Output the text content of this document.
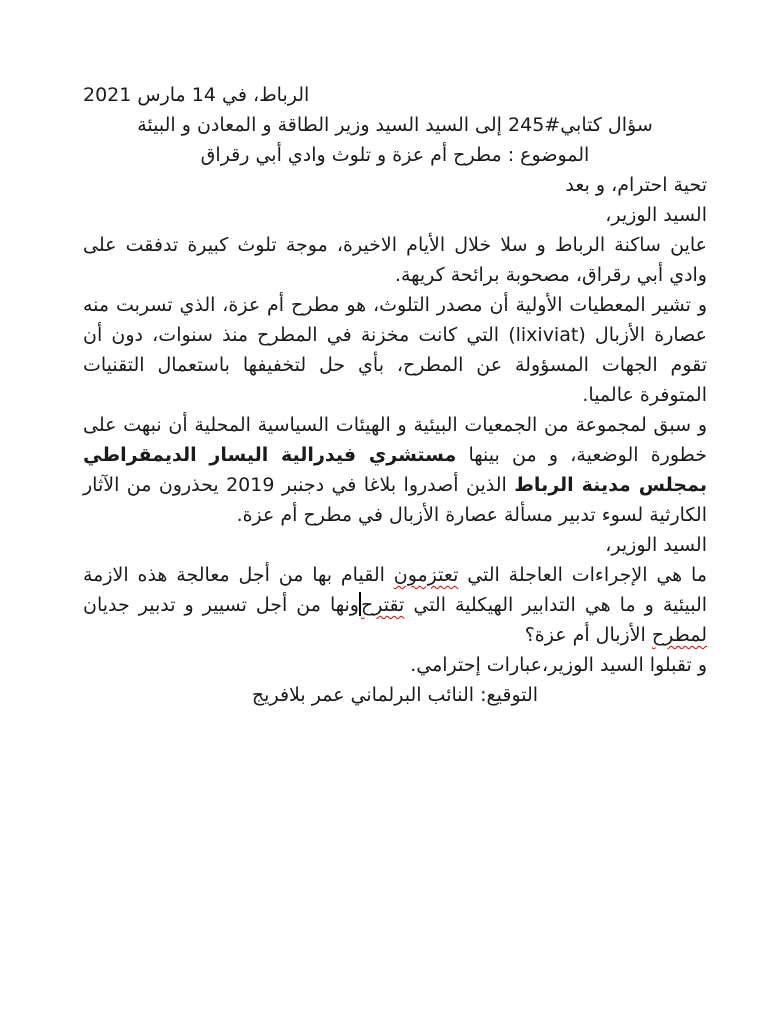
الرباط، في 14 مارس 2021

سؤال كتابي#245 إلى السيد السيد وزير الطاقة و المعادن و البيئة
الموضوع : مطرح أم عزة و تلوث وادي أبي رقراق

تحية احترام، و بعد

السيد الوزير،

عاين ساكنة الرباط و سلا خلال الأيام الاخيرة، موجة تلوث كبيرة تدفقت على وادي أبي رقراق، مصحوبة برائحة كريهة.

و تشير المعطيات الأولية أن مصدر التلوث، هو مطرح أم عزة، الذي تسربت منه عصارة الأزبال (lixiviat) التي كانت مخزنة في المطرح منذ سنوات، دون أن تقوم الجهات المسؤولة عن المطرح، بأي حل لتخفيفها باستعمال التقنيات المتوفرة عالميا.

و سبق لمجموعة من الجمعيات البيئية و الهيئات السياسية المحلية أن نبهت على خطورة الوضعية، و من بينها مستشري فيدرالية اليسار الديمقراطي بمجلس مدينة الرباط الذين أصدروا بلاغا في دجنبر 2019 يحذرون من الآثار الكارثية لسوء تدبير مسألة عصارة الأزبال في مطرح أم عزة.

السيد الوزير،

ما هي الإجراءات العاجلة التي تعتزمون القيام بها من أجل معالجة هذه الازمة البيئية و ما هي التدابير الهيكلية التي تقترحونها من أجل تسيير و تدبير جديان لمطرح الأزبال أم عزة؟

و تقبلوا السيد الوزير،عبارات إحترامي.

التوقيع: النائب البرلماني عمر بلافريج
